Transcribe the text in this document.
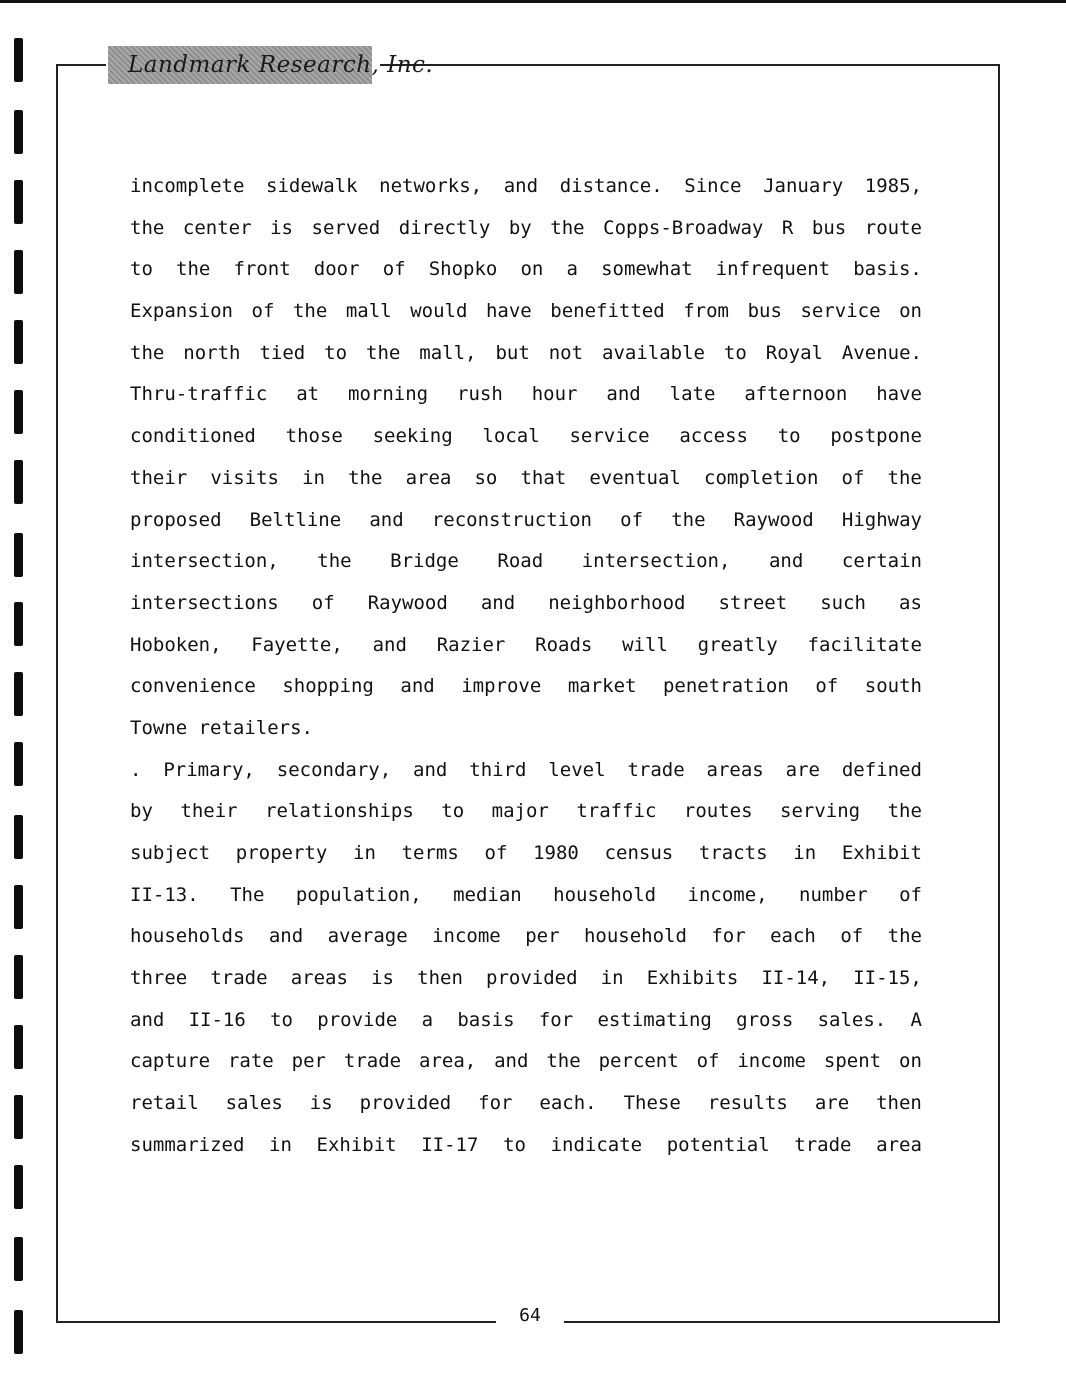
Landmark Research, Inc.
incomplete sidewalk networks, and distance. Since January 1985,
the center is served directly by the Copps-Broadway R bus route
to the front door of Shopko on a somewhat infrequent basis.
Expansion of the mall would have benefitted from bus service on
the north tied to the mall, but not available to Royal Avenue.
Thru-traffic at morning rush hour and late afternoon have
conditioned those seeking local service access to postpone
their visits in the area so that eventual completion of the
proposed Beltline and reconstruction of the Raywood Highway
intersection, the Bridge Road intersection, and certain
intersections of Raywood and neighborhood street such as
Hoboken, Fayette, and Razier Roads will greatly facilitate
convenience shopping and improve market penetration of south
Towne retailers.
. Primary, secondary, and third level trade areas are defined
by their relationships to major traffic routes serving the
subject property in terms of 1980 census tracts in Exhibit
II-13. The population, median household income, number of
households and average income per household for each of the
three trade areas is then provided in Exhibits II-14, II-15,
and II-16 to provide a basis for estimating gross sales. A
capture rate per trade area, and the percent of income spent on
retail sales is provided for each. These results are then
summarized in Exhibit II-17 to indicate potential trade area
64
